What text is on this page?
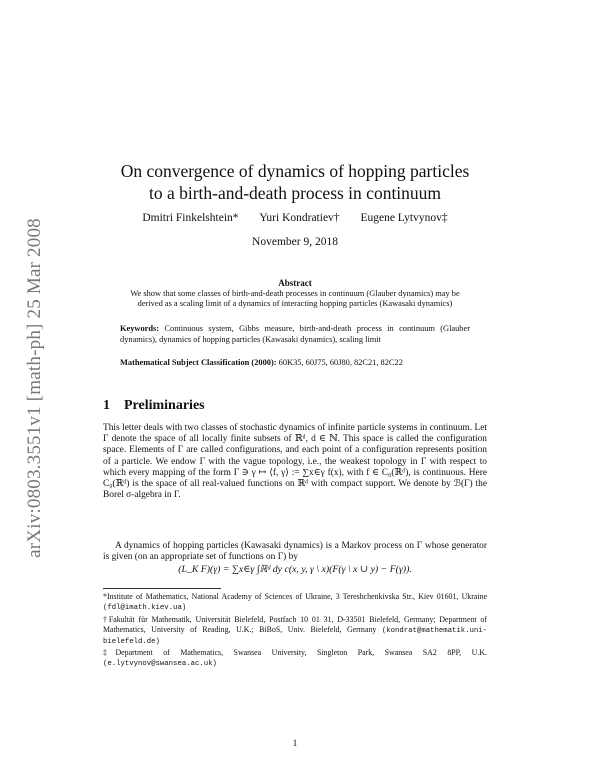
arXiv:0803.3551v1 [math-ph] 25 Mar 2008
On convergence of dynamics of hopping particles
to a birth-and-death process in continuum
Dmitri Finkelshtein* Yuri Kondratiev† Eugene Lytvynov‡
November 9, 2018
Abstract
We show that some classes of birth-and-death processes in continuum (Glauber dynamics) may be derived as a scaling limit of a dynamics of interacting hopping particles (Kawasaki dynamics)
Keywords: Continuous system, Gibbs measure, birth-and-death process in continuum (Glauber dynamics), dynamics of hopping particles (Kawasaki dynamics), scaling limit
Mathematical Subject Classification (2000): 60K35, 60J75, 60J80, 82C21, 82C22
1 Preliminaries
This letter deals with two classes of stochastic dynamics of infinite particle systems in continuum. Let Γ denote the space of all locally finite subsets of ℝᵈ, d ∈ ℕ. This space is called the configuration space. Elements of Γ are called configurations, and each point of a configuration represents position of a particle. We endow Γ with the vague topology, i.e., the weakest topology in Γ with respect to which every mapping of the form Γ ∋ γ ↦ ⟨f, γ⟩ := ∑x∈γ f(x), with f ∈ C₀(ℝᵈ), is continuous. Here C₀(ℝᵈ) is the space of all real-valued functions on ℝᵈ with compact support. We denote by ℬ(Γ) the Borel σ-algebra in Γ.
A dynamics of hopping particles (Kawasaki dynamics) is a Markov process on Γ whose generator is given (on an appropriate set of functions on Γ) by
(L_K F)(γ) = ∑x∈γ ∫ℝᵈ dy c(x, y, γ \ x)(F(γ \ x ∪ y) − F(γ)).
*Institute of Mathematics, National Academy of Sciences of Ukraine, 3 Tereshchenkivska Str., Kiev 01601, Ukraine (fdl@imath.kiev.ua)
†Fakultät für Mathematik, Universität Bielefeld, Postfach 10 01 31, D-33501 Bielefeld, Germany; Department of Mathematics, University of Reading, U.K.; BiBoS, Univ. Bielefeld, Germany (kondrat@mathematik.uni-bielefeld.de)
‡Department of Mathematics, Swansea University, Singleton Park, Swansea SA2 8PP, U.K. (e.lytvynov@swansea.ac.uk)
1
